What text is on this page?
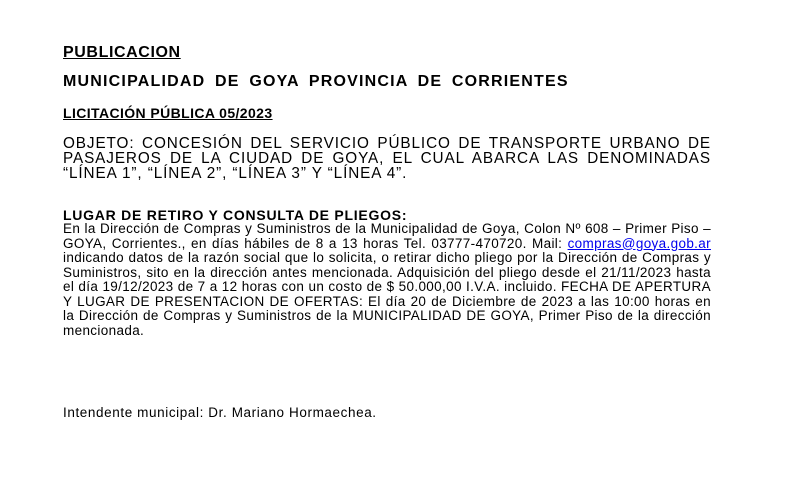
PUBLICACION
MUNICIPALIDAD DE GOYA PROVINCIA DE CORRIENTES
LICITACIÓN PÚBLICA 05/2023
OBJETO: CONCESIÓN DEL SERVICIO PÚBLICO DE TRANSPORTE URBANO DE PASAJEROS DE LA CIUDAD DE GOYA, EL CUAL ABARCA LAS DENOMINADAS “LÍNEA 1”, “LÍNEA 2”, “LÍNEA 3” Y “LÍNEA 4”.
LUGAR DE RETIRO Y CONSULTA DE PLIEGOS:
En la Dirección de Compras y Suministros de la Municipalidad de Goya, Colon Nº 608 – Primer Piso – GOYA, Corrientes., en días hábiles de 8 a 13 horas Tel. 03777-470720. Mail: compras@goya.gob.ar indicando datos de la razón social que lo solicita, o retirar dicho pliego por la Dirección de Compras y Suministros, sito en la dirección antes mencionada. Adquisición del pliego desde el 21/11/2023 hasta el día 19/12/2023 de 7 a 12 horas con un costo de $ 50.000,00 I.V.A. incluido. FECHA DE APERTURA Y LUGAR DE PRESENTACION DE OFERTAS: El día 20 de Diciembre de 2023 a las 10:00 horas en la Dirección de Compras y Suministros de la MUNICIPALIDAD DE GOYA, Primer Piso de la dirección mencionada.
Intendente municipal: Dr. Mariano Hormaechea.
